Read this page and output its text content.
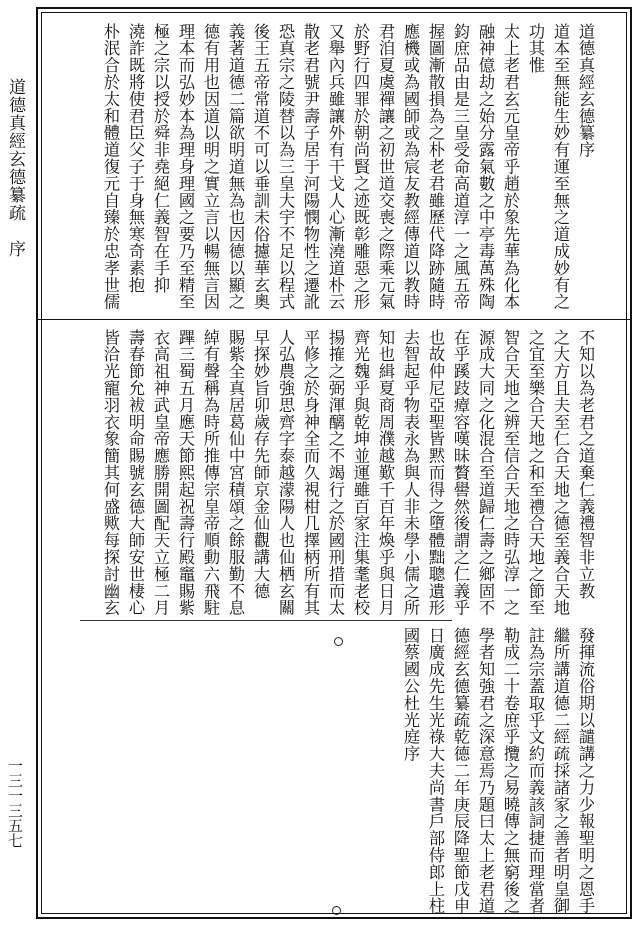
道德真經玄德纂疏　序
一三一三五七

道德真經玄德纂序

道本至無能生妙有運至無之道成妙有之

功其惟

太上老君玄元皇帝乎趙於象先華為化本

融神億劫之始分露氣數之中亭毒萬殊陶

鈞庶品由是三皇受命高道淳一之風五帝

握圖漸散損為之朴老君雖歷代降跡隨時

應機或為國師或為宸友教經傳道以教時

君洎夏虞禪讓之初世道交喪之際乘元氣

於野行四罪於朝尚賢之迹既彰雕惡之形

又舉內兵雖讓外有干戈人心漸澆道朴云

散老君號尹壽子居于河陽憫物性之遷訛

恐真宗之陵替以為三皇大宇不足以程式

後王五帝常道不可以垂訓未俗攄華玄奧

義著道德二篇欲明道無為也因德以顯之

德有用也因道以明之實立言以暢無言因

理本而弘妙本為理身理國之要乃至精至

極之宗以授於舜非堯絕仁義智在手抑

澆詐既將使君臣父子于身無寒奇素抱

朴泯合於太和體道復元自臻於忠孝世儒

不知以為老君之道棄仁義禮智非立教

之大方且夫至仁合天地之德至義合天地

之宜至樂合天地之和至禮合天地之節至

智合天地之辨至信合天地之時弘淳一之

源成大同之化混合至道歸仁壽之鄉固不

在乎蹊跂瘴容嘆昧贅嚳然後謂之仁義乎

也故仲尼亞聖皆黙而得之墮體黜聰遺形

去智起乎物表永為與人非未學小儒之所

知也緝夏商周濮越歎千百年煥乎與日月

齊光魏乎與乾坤並運雖百家注集耄老校

揚搉之弼渾醨之不竭行之於國刑措而太

平修之於身神全而久視柑几擇柄所有其

人弘農強思齊字泰越濛陽人也仙栖玄關

早探妙旨卯歲存先師京金仙觀講大德

賜紫全真居葛仙中宮積頌之餘服勤不息

綽有聲稱為時所推傳宗皇帝順動六飛駐

蹕三蜀五月應天節熙起祝壽行殿竈賜紫

衣高祖神武皇帝應勝開圖配天立極二月

壽春節允袚明命賜號玄德大師安世棲心

皆洽光寵羽衣象簡其何盛歟每探討幽玄

發揮流俗期以譴講之力少報聖明之恩手

繼所講道德二經疏採諸家之善者明皇御

註為宗蓋取乎文約而義該詞捷而理當者

勒成二十卷庶乎攬之易曉傳之無窮後之

學者知強君之深意焉乃題曰太上老君道

德經玄德纂疏乾德二年庚辰降聖節戊申

日廣成先生光祿大夫尚書戶部侍郎上柱

國蔡國公杜光庭序
